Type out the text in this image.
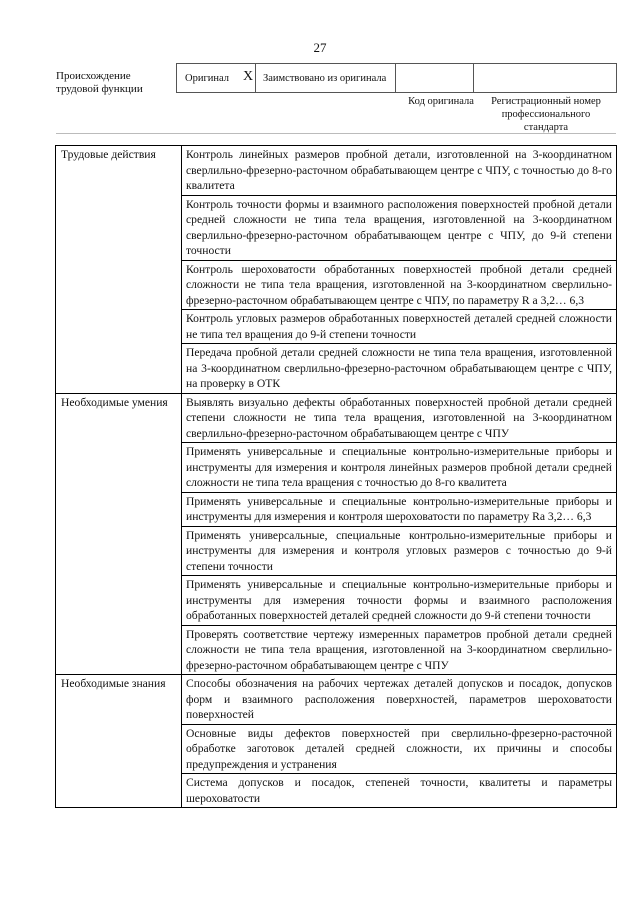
27
Происхождение трудовой функции
Оригинал X Заимствовано из оригинала
Код оригинала	Регистрационный номер профессионального стандарта
Трудовые действия	Контроль линейных размеров пробной детали, изготовленной на 3-координатном сверлильно-фрезерно-расточном обрабатывающем центре с ЧПУ, с точностью до 8-го квалитета
	Контроль точности формы и взаимного расположения поверхностей пробной детали средней сложности не типа тела вращения, изготовленной на 3-координатном сверлильно-фрезерно-расточном обрабатывающем центре с ЧПУ, до 9-й степени точности
	Контроль шероховатости обработанных поверхностей пробной детали средней сложности не типа тела вращения, изготовленной на 3-координатном сверлильно-фрезерно-расточном обрабатывающем центре с ЧПУ, по параметру R a 3,2… 6,3
	Контроль угловых размеров обработанных поверхностей деталей средней сложности не типа тел вращения до 9-й степени точности
	Передача пробной детали средней сложности не типа тела вращения, изготовленной на 3-координатном сверлильно-фрезерно-расточном обрабатывающем центре с ЧПУ, на проверку в ОТК
Необходимые умения	Выявлять визуально дефекты обработанных поверхностей пробной детали средней степени сложности не типа тела вращения, изготовленной на 3-координатном сверлильно-фрезерно-расточном обрабатывающем центре с ЧПУ
	Применять универсальные и специальные контрольно-измерительные приборы и инструменты для измерения и контроля линейных размеров пробной детали средней сложности не типа тела вращения с точностью до 8-го квалитета
	Применять универсальные и специальные контрольно-измерительные приборы и инструменты для измерения и контроля шероховатости по параметру Ra 3,2… 6,3
	Применять универсальные, специальные контрольно-измерительные приборы и инструменты для измерения и контроля угловых размеров с точностью до 9-й степени точности
	Применять универсальные и специальные контрольно-измерительные приборы и инструменты для измерения точности формы и взаимного расположения обработанных поверхностей деталей средней сложности до 9-й степени точности
	Проверять соответствие чертежу измеренных параметров пробной детали средней сложности не типа тела вращения, изготовленной на 3-координатном сверлильно-фрезерно-расточном обрабатывающем центре с ЧПУ
Необходимые знания	Способы обозначения на рабочих чертежах деталей допусков и посадок, допусков форм и взаимного расположения поверхностей, параметров шероховатости поверхностей
	Основные виды дефектов поверхностей при сверлильно-фрезерно-расточной обработке заготовок деталей средней сложности, их причины и способы предупреждения и устранения
	Система допусков и посадок, степеней точности, квалитеты и параметры шероховатости
